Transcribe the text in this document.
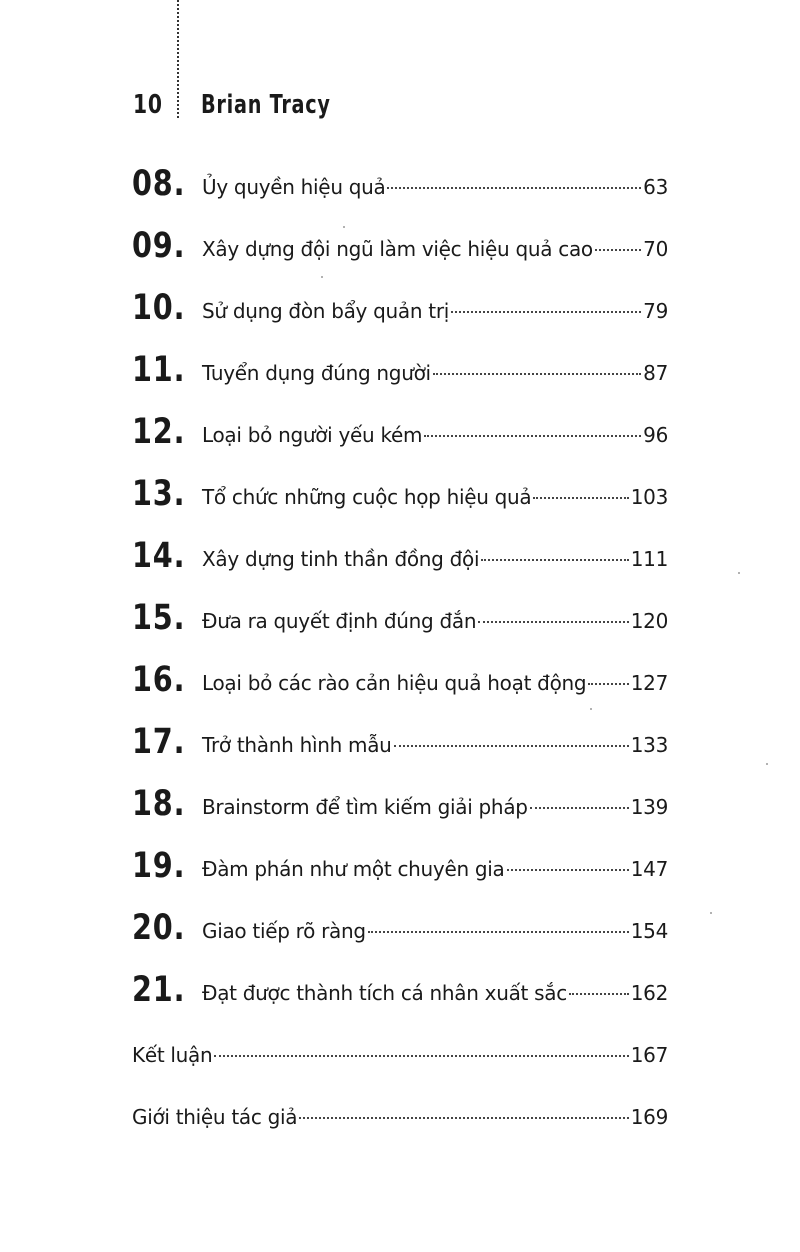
10 Brian Tracy
08. Ủy quyền hiệu quả	63
09. Xây dựng đội ngũ làm việc hiệu quả cao	70
10. Sử dụng đòn bẩy quản trị	79
11. Tuyển dụng đúng người	87
12. Loại bỏ người yếu kém	96
13. Tổ chức những cuộc họp hiệu quả	103
14. Xây dựng tinh thần đồng đội	111
15. Đưa ra quyết định đúng đắn	120
16. Loại bỏ các rào cản hiệu quả hoạt động 127
17. Trở thành hình mẫu	133
18. Brainstorm để tìm kiếm giải pháp	139
19. Đàm phán như một chuyên gia	147
20. Giao tiếp rõ ràng	154
21. Đạt được thành tích cá nhân xuất sắc	162
Kết luận	167
Giới thiệu tác giả	169
